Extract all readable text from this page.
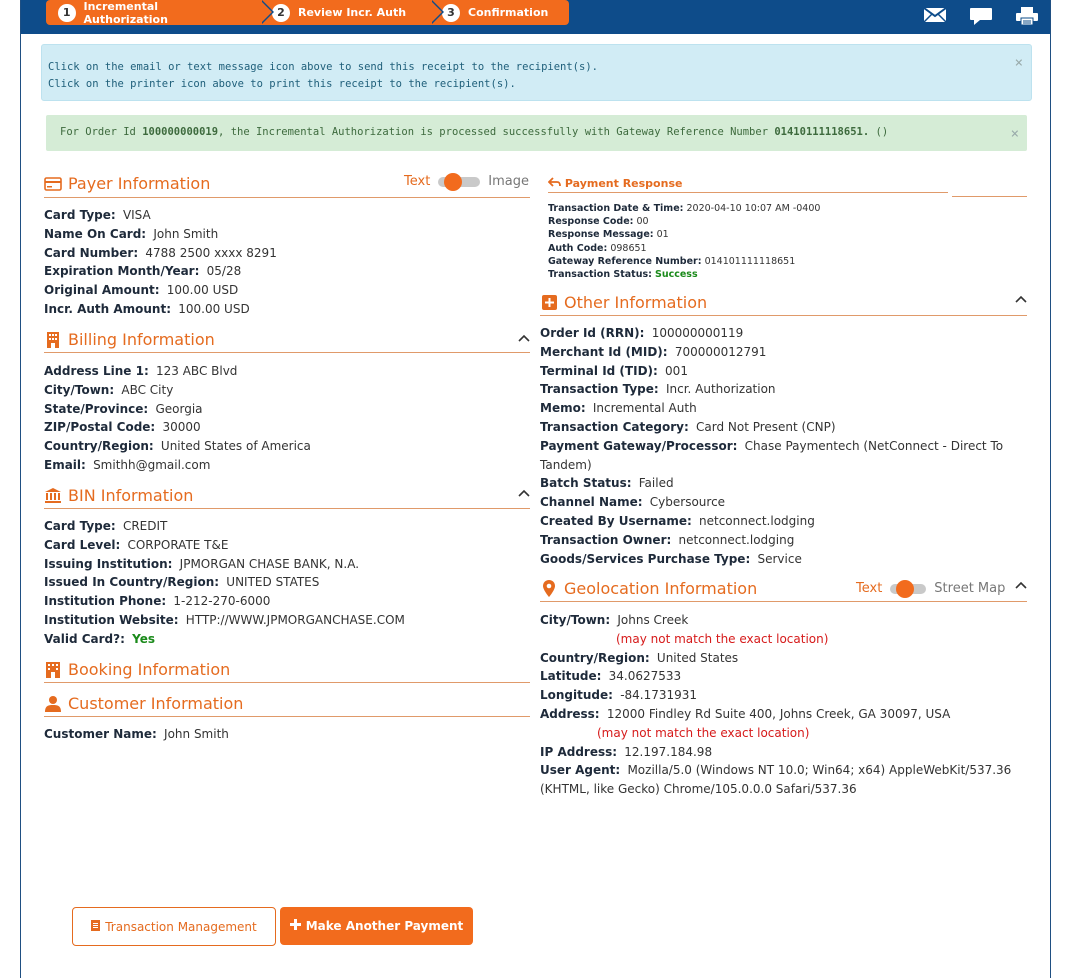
1	Incremental Authorization	2	Review Incr. Auth	3	Confirmation
Click on the email or text message icon above to send this receipt to the recipient(s).
Click on the printer icon above to print this receipt to the recipient(s).
×
For Order Id 100000000019, the Incremental Authorization is processed successfully with Gateway Reference Number 01410111118651. ()	×
Payer Information	Text	Image
Card Type: VISA
Name On Card: John Smith
Card Number: 4788 2500 xxxx 8291
Expiration Month/Year: 05/28
Original Amount: 100.00 USD
Incr. Auth Amount: 100.00 USD
Billing Information
Address Line 1: 123 ABC Blvd
City/Town: ABC City
State/Province: Georgia
ZIP/Postal Code: 30000
Country/Region: United States of America
Email: Smithh@gmail.com
BIN Information
Card Type: CREDIT
Card Level: CORPORATE T&E
Issuing Institution: JPMORGAN CHASE BANK, N.A.
Issued In Country/Region: UNITED STATES
Institution Phone: 1-212-270-6000
Institution Website: HTTP://WWW.JPMORGANCHASE.COM
Valid Card?: Yes
Booking Information
Customer Information
Customer Name: John Smith
Payment Response
Transaction Date & Time: 2020-04-10 10:07 AM -0400
Response Code: 00
Response Message: 01
Auth Code: 098651
Gateway Reference Number: 014101111118651
Transaction Status: Success
Other Information
Order Id (RRN): 100000000119
Merchant Id (MID): 700000012791
Terminal Id (TID): 001
Transaction Type: Incr. Authorization
Memo: Incremental Auth
Transaction Category: Card Not Present (CNP)
Payment Gateway/Processor: Chase Paymentech (NetConnect - Direct To
Tandem)
Batch Status: Failed
Channel Name: Cybersource
Created By Username: netconnect.lodging
Transaction Owner: netconnect.lodging
Goods/Services Purchase Type: Service
Geolocation Information	Text	Street Map
City/Town: Johns Creek
(may not match the exact location)
Country/Region: United States
Latitude: 34.0627533
Longitude: -84.1731931
Address: 12000 Findley Rd Suite 400, Johns Creek, GA 30097, USA
(may not match the exact location)
IP Address: 12.197.184.98
User Agent: Mozilla/5.0 (Windows NT 10.0; Win64; x64) AppleWebKit/537.36
(KHTML, like Gecko) Chrome/105.0.0.0 Safari/537.36
Transaction Management	Make Another Payment
